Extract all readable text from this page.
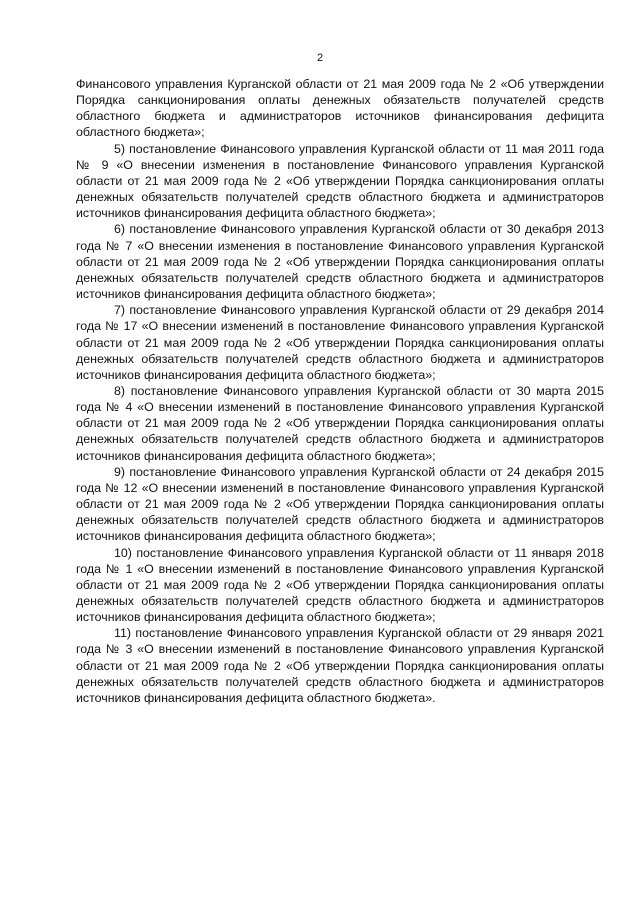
2

Финансового управления Курганской области от 21 мая 2009 года № 2 «Об утверждении Порядка санкционирования оплаты денежных обязательств получателей средств областного бюджета и администраторов источников финансирования дефицита областного бюджета»;

5) постановление Финансового управления Курганской области от 11 мая 2011 года № 9 «О внесении изменения в постановление Финансового управления Курганской области от 21 мая 2009 года № 2 «Об утверждении Порядка санкционирования оплаты денежных обязательств получателей средств областного бюджета и администраторов источников финансирования дефицита областного бюджета»;

6) постановление Финансового управления Курганской области от 30 декабря 2013 года № 7 «О внесении изменения в постановление Финансового управления Курганской области от 21 мая 2009 года № 2 «Об утверждении Порядка санкционирования оплаты денежных обязательств получателей средств областного бюджета и администраторов источников финансирования дефицита областного бюджета»;

7) постановление Финансового управления Курганской области от 29 декабря 2014 года № 17 «О внесении изменений в постановление Финансового управления Курганской области от 21 мая 2009 года № 2 «Об утверждении Порядка санкционирования оплаты денежных обязательств получателей средств областного бюджета и администраторов источников финансирования дефицита областного бюджета»;

8) постановление Финансового управления Курганской области от 30 марта 2015 года № 4 «О внесении изменений в постановление Финансового управления Курганской области от 21 мая 2009 года № 2 «Об утверждении Порядка санкционирования оплаты денежных обязательств получателей средств областного бюджета и администраторов источников финансирования дефицита областного бюджета»;

9) постановление Финансового управления Курганской области от 24 декабря 2015 года № 12 «О внесении изменений в постановление Финансового управления Курганской области от 21 мая 2009 года № 2 «Об утверждении Порядка санкционирования оплаты денежных обязательств получателей средств областного бюджета и администраторов источников финансирования дефицита областного бюджета»;

10) постановление Финансового управления Курганской области от 11 января 2018 года № 1 «О внесении изменений в постановление Финансового управления Курганской области от 21 мая 2009 года № 2 «Об утверждении Порядка санкционирования оплаты денежных обязательств получателей средств областного бюджета и администраторов источников финансирования дефицита областного бюджета»;

11) постановление Финансового управления Курганской области от 29 января 2021 года № 3 «О внесении изменений в постановление Финансового управления Курганской области от 21 мая 2009 года № 2 «Об утверждении Порядка санкционирования оплаты денежных обязательств получателей средств областного бюджета и администраторов источников финансирования дефицита областного бюджета».
